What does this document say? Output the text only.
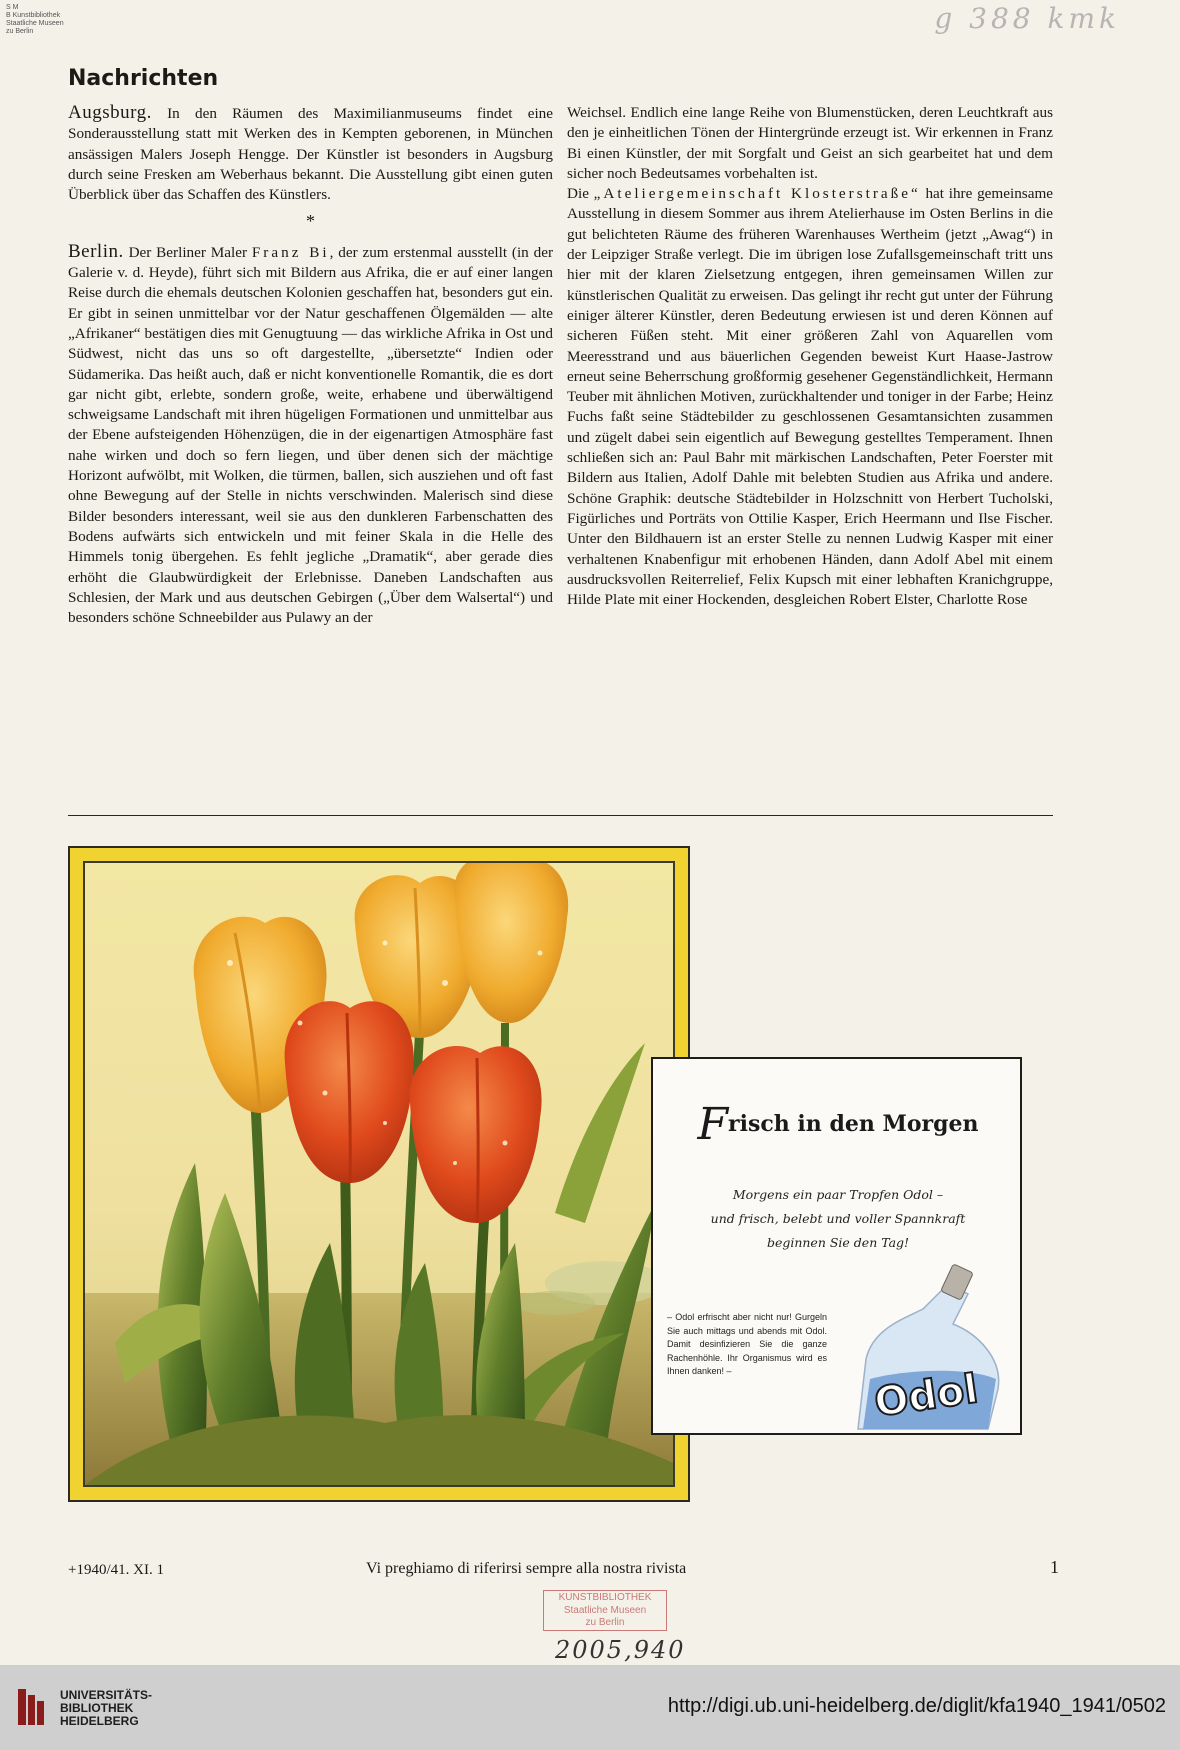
S M
B Kunstbibliothek
Staatliche Museen
zu Berlin	g 388 kmk
Nachrichten

Augsburg. In den Räumen des Maximilianmuseums findet eine Sonderausstellung statt mit Werken des in Kempten geborenen, in München ansässigen Malers Joseph Hengge. Der Künstler ist besonders in Augsburg durch seine Fresken am Weberhaus bekannt. Die Ausstellung gibt einen guten Überblick über das Schaffen des Künstlers.

*

Berlin. Der Berliner Maler Franz Bi, der zum erstenmal ausstellt (in der Galerie v. d. Heyde), führt sich mit Bildern aus Afrika, die er auf einer langen Reise durch die ehemals deutschen Kolonien geschaffen hat, besonders gut ein. Er gibt in seinen unmittelbar vor der Natur geschaffenen Ölgemälden — alte „Afrikaner“ bestätigen dies mit Genugtuung — das wirkliche Afrika in Ost und Südwest, nicht das uns so oft dargestellte, „übersetzte“ Indien oder Südamerika. Das heißt auch, daß er nicht konventionelle Romantik, die es dort gar nicht gibt, erlebte, sondern große, weite, erhabene und überwältigend schweigsame Landschaft mit ihren hügeligen Formationen und unmittelbar aus der Ebene aufsteigenden Höhenzügen, die in der eigenartigen Atmosphäre fast nahe wirken und doch so fern liegen, und über denen sich der mächtige Horizont aufwölbt, mit Wolken, die türmen, ballen, sich ausziehen und oft fast ohne Bewegung auf der Stelle in nichts verschwinden. Malerisch sind diese Bilder besonders interessant, weil sie aus den dunkleren Farbenschatten des Bodens aufwärts sich entwickeln und mit feiner Skala in die Helle des Himmels tonig übergehen. Es fehlt jegliche „Dramatik“, aber gerade dies erhöht die Glaubwürdigkeit der Erlebnisse. Daneben Landschaften aus Schlesien, der Mark und aus deutschen Gebirgen („Über dem Walsertal“) und besonders schöne Schneebilder aus Pulawy an der

Weichsel. Endlich eine lange Reihe von Blumenstücken, deren Leuchtkraft aus den je einheitlichen Tönen der Hintergründe erzeugt ist. Wir erkennen in Franz Bi einen Künstler, der mit Sorgfalt und Geist an sich gearbeitet hat und dem sicher noch Bedeutsames vorbehalten ist.

Die „Ateliergemeinschaft Klosterstraße“ hat ihre gemeinsame Ausstellung in diesem Sommer aus ihrem Atelierhause im Osten Berlins in die gut belichteten Räume des früheren Warenhauses Wertheim (jetzt „Awag“) in der Leipziger Straße verlegt. Die im übrigen lose Zufallsgemeinschaft tritt uns hier mit der klaren Zielsetzung entgegen, ihren gemeinsamen Willen zur künstlerischen Qualität zu erweisen. Das gelingt ihr recht gut unter der Führung einiger älterer Künstler, deren Bedeutung erwiesen ist und deren Können auf sicheren Füßen steht. Mit einer größeren Zahl von Aquarellen vom Meeresstrand und aus bäuerlichen Gegenden beweist Kurt Haase-Jastrow erneut seine Beherrschung großformig gesehener Gegenständlichkeit, Hermann Teuber mit ähnlichen Motiven, zurückhaltender und toniger in der Farbe; Heinz Fuchs faßt seine Städtebilder zu geschlossenen Gesamtansichten zusammen und zügelt dabei sein eigentlich auf Bewegung gestelltes Temperament. Ihnen schließen sich an: Paul Bahr mit märkischen Landschaften, Peter Foerster mit Bildern aus Italien, Adolf Dahle mit belebten Studien aus Afrika und andere. Schöne Graphik: deutsche Städtebilder in Holzschnitt von Herbert Tucholski, Figürliches und Porträts von Ottilie Kasper, Erich Heermann und Ilse Fischer. Unter den Bildhauern ist an erster Stelle zu nennen Ludwig Kasper mit einer verhaltenen Knabenfigur mit erhobenen Händen, dann Adolf Abel mit einem ausdrucksvollen Reiterrelief, Felix Kupsch mit einer lebhaften Kranichgruppe, Hilde Plate mit einer Hockenden, desgleichen Robert Elster, Charlotte Rose

Frisch in den Morgen
Morgens ein paar Tropfen Odol –
und frisch, belebt und voller Spannkraft
beginnen Sie den Tag!
– Odol erfrischt aber nicht nur! Gurgeln Sie auch mittags und abends mit Odol. Damit desinfizieren Sie die ganze Rachenhöhle. Ihr Organismus wird es Ihnen danken! –	Odol
+1940/41. XI. 1	Vi preghiamo di riferirsi sempre alla nostra rivista	1
KUNSTBIBLIOTHEK
Staatliche Museen
zu Berlin
2005,940
UNIVERSITÄTS-
BIBLIOTHEK
HEIDELBERG
http://digi.ub.uni-heidelberg.de/diglit/kfa1940_1941/0502
